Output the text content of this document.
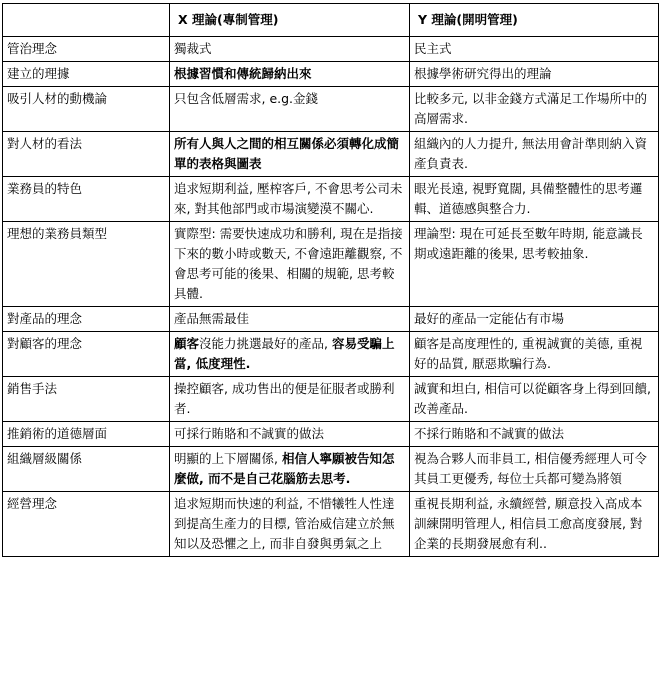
	X 理論(專制管理)	Y 理論(開明管理)
管治理念	獨裁式	民主式
建立的理據	根據習慣和傳統歸納出來	根據學術研究得出的理論
吸引人材的動機論	只包含低層需求, e.g.金錢	比較多元, 以非金錢方式滿足工作場所中的高層需求.
對人材的看法	所有人與人之間的相互關係必須轉化成簡單的表格與圖表	組織內的人力提升, 無法用會計準則納入資產負責表.
業務員的特色	追求短期利益, 壓榨客戶, 不會思考公司未來, 對其他部門或市場演變漠不關心.	眼光長遠, 視野寬闊, 具備整體性的思考邏輯、道德感與整合力.
理想的業務員類型	實際型: 需要快速成功和勝利, 現在是指接下來的數小時或數天, 不會遠距離觀察, 不會思考可能的後果、相關的規範, 思考較具體.	理論型: 現在可延長至數年時期, 能意識長期或遠距離的後果, 思考較抽象.
對產品的理念	產品無需最佳	最好的產品一定能佔有市場
對顧客的理念	顧客沒能力挑選最好的產品, 容易受騙上當, 低度理性.	顧客是高度理性的, 重視誠實的美德, 重視好的品質, 厭惡欺騙行為.
銷售手法	操控顧客, 成功售出的便是征服者或勝利者.	誠實和坦白, 相信可以從顧客身上得到回饋, 改善產品.
推銷術的道德層面	可採行賄賂和不誠實的做法	不採行賄賂和不誠實的做法
組織層級關係	明顯的上下層關係, 相信人寧願被告知怎麼做, 而不是自己花腦筋去思考.	視為合夥人而非員工, 相信優秀經理人可令其員工更優秀, 每位士兵都可變為將領
經營理念	追求短期而快速的利益, 不惜犧牲人性達到提高生產力的目標, 管治威信建立於無知以及恐懼之上, 而非自發與勇氣之上	重視長期利益, 永續經營, 願意投入高成本訓練開明管理人, 相信員工愈高度發展, 對企業的長期發展愈有利..
